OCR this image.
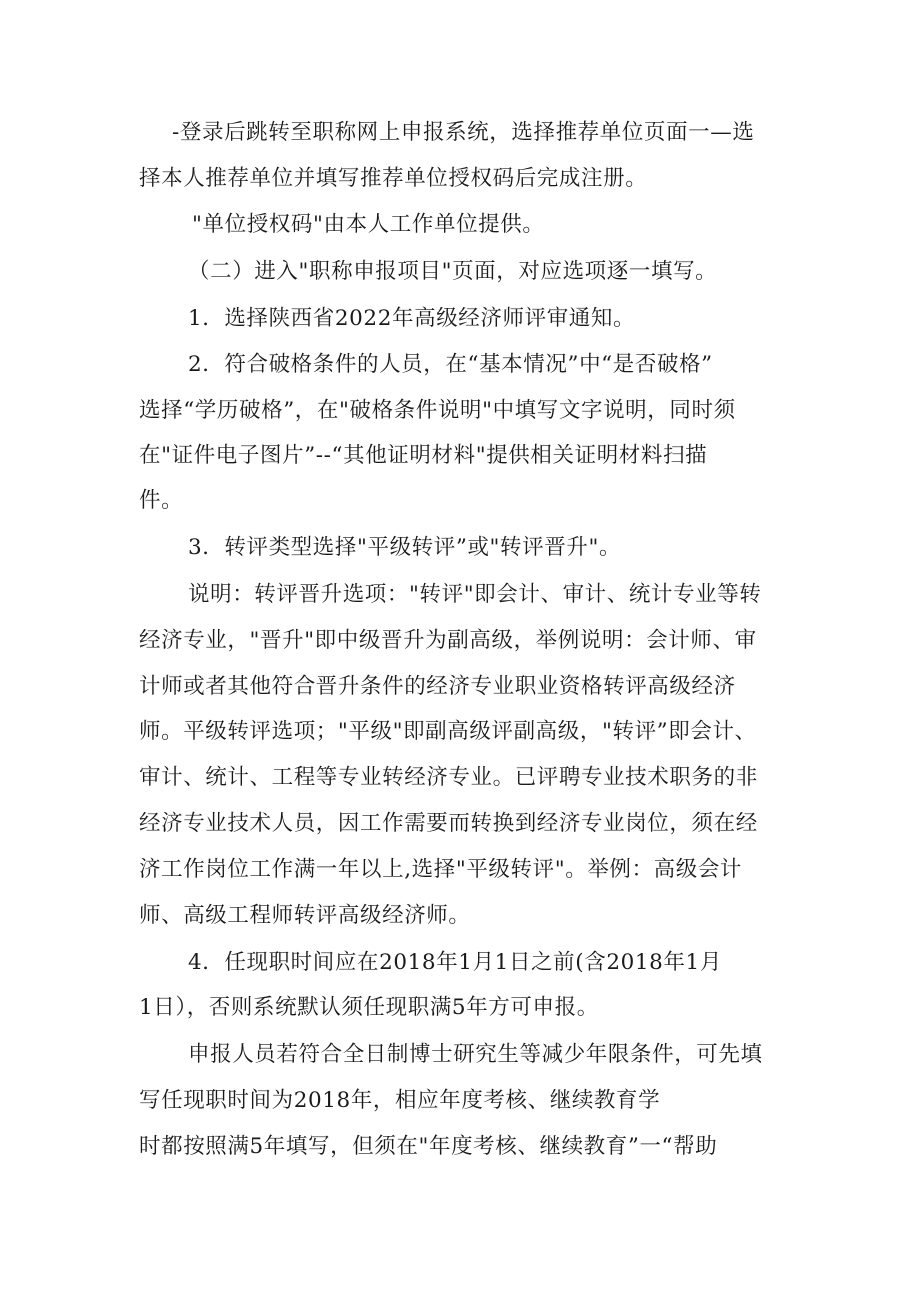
-登录后跳转至职称网上申报系统，选择推荐单位页面一—选
择本人推荐单位并填写推荐单位授权码后完成注册。
"单位授权码"由本人工作单位提供。
（二）进入"职称申报项目"页面，对应选项逐一填写。
1．选择陕西省2022年高级经济师评审通知。
2．符合破格条件的人员，在“基本情况”中“是否破格”
选择“学历破格”，在"破格条件说明"中填写文字说明，同时须
在"证件电子图片”--“其他证明材料"提供相关证明材料扫描
件。
3．转评类型选择"平级转评”或"转评晋升"。
说明：转评晋升选项："转评"即会计、审计、统计专业等转
经济专业，"晋升"即中级晋升为副高级，举例说明：会计师、审
计师或者其他符合晋升条件的经济专业职业资格转评高级经济
师。平级转评选项；"平级"即副高级评副高级，"转评”即会计、
审计、统计、工程等专业转经济专业。已评聘专业技术职务的非
经济专业技术人员，因工作需要而转换到经济专业岗位，须在经
济工作岗位工作满一年以上,选择"平级转评"。举例：高级会计
师、高级工程师转评高级经济师。
4．任现职时间应在2018年1月1日之前(含2018年1月
1日），否则系统默认须任现职满5年方可申报。
申报人员若符合全日制博士研究生等减少年限条件，可先填
写任现职时间为2018年，相应年度考核、继续教育学
时都按照满5年填写，但须在"年度考核、继续教育”一“帮助
